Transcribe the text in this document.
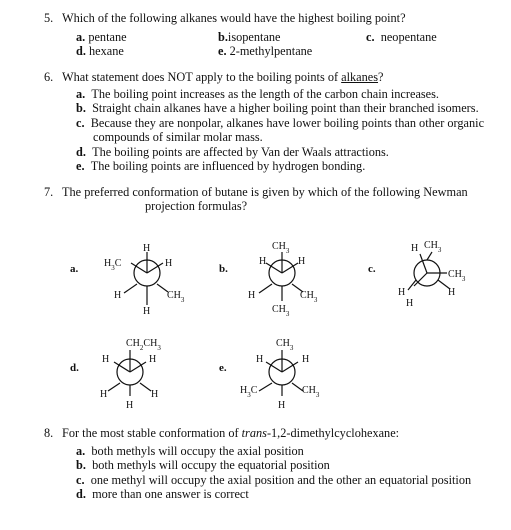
5. Which of the following alkanes would have the highest boiling point?
a. pentane	b.isopentane	c. neopentane
d. hexane	e. 2-methylpentane
6. What statement does NOT apply to the boiling points of alkanes?
a. The boiling point increases as the length of the carbon chain increases.
b. Straight chain alkanes have a higher boiling point than their branched isomers.
c. Because they are nonpolar, alkanes have lower boiling points than other organic
compounds of similar molar mass.
d. The boiling points are affected by Van der Waals attractions.
e. The boiling points are influenced by hydrogen bonding.
7. The preferred conformation of butane is given by which of the following Newman
projection formulas?
a.	b.	c.
d.	e.
H
$H_3C$	H
H	$CH_3$
H
$CH_3$
H	H
H	$CH_3$
$CH_3$
H $CH_3$
$CH_3$
H	H
H
$CH_2CH_3$
H	H
H	H
H
$CH_3$
H	H
$H_3C$	$CH_3$
H
8. For the most stable conformation of trans-1,2-dimethylcyclohexane:
a. both methyls will occupy the axial position
b. both methyls will occupy the equatorial position
c. one methyl will occupy the axial position and the other an equatorial position
d. more than one answer is correct
